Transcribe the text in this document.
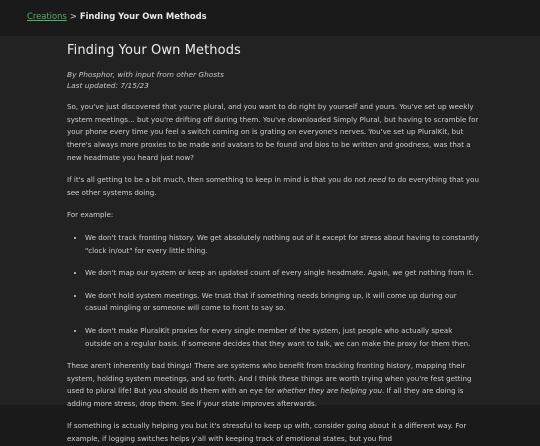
Creations > Finding Your Own Methods
Finding Your Own Methods
By Phosphor, with input from other Ghosts
Last updated: 7/15/23

So, you've just discovered that you're plural, and you want to do right by yourself and yours. You've set up weekly system meetings... but you're drifting off during them. You've downloaded Simply Plural, but having to scramble for your phone every time you feel a switch coming on is grating on everyone's nerves. You've set up PluralKit, but there's always more proxies to be made and avatars to be found and bios to be written and goodness, was that a new headmate you heard just now?

If it's all getting to be a bit much, then something to keep in mind is that you do not need to do everything that you see other systems doing.

For example:

• We don't track fronting history. We get absolutely nothing out of it except for stress about having to constantly "clock in/out" for every little thing.
• We don't map our system or keep an updated count of every single headmate. Again, we get nothing from it.
• We don't hold system meetings. We trust that if something needs bringing up, it will come up during our casual mingling or someone will come to front to say so.
• We don't make PluralKit proxies for every single member of the system, just people who actually speak outside on a regular basis. If someone decides that they want to talk, we can make the proxy for them then.

These aren't inherently bad things! There are systems who benefit from tracking fronting history, mapping their system, holding system meetings, and so forth. And I think these things are worth trying when you're fest getting used to plural life! But you should do them with an eye for whether they are helping you. If all they are doing is adding more stress, drop them. See if your state improves afterwards.

If something is actually helping you but it's stressful to keep up with, consider going about it a different way. For example, if logging switches helps y'all with keeping track of emotional states, but you find
